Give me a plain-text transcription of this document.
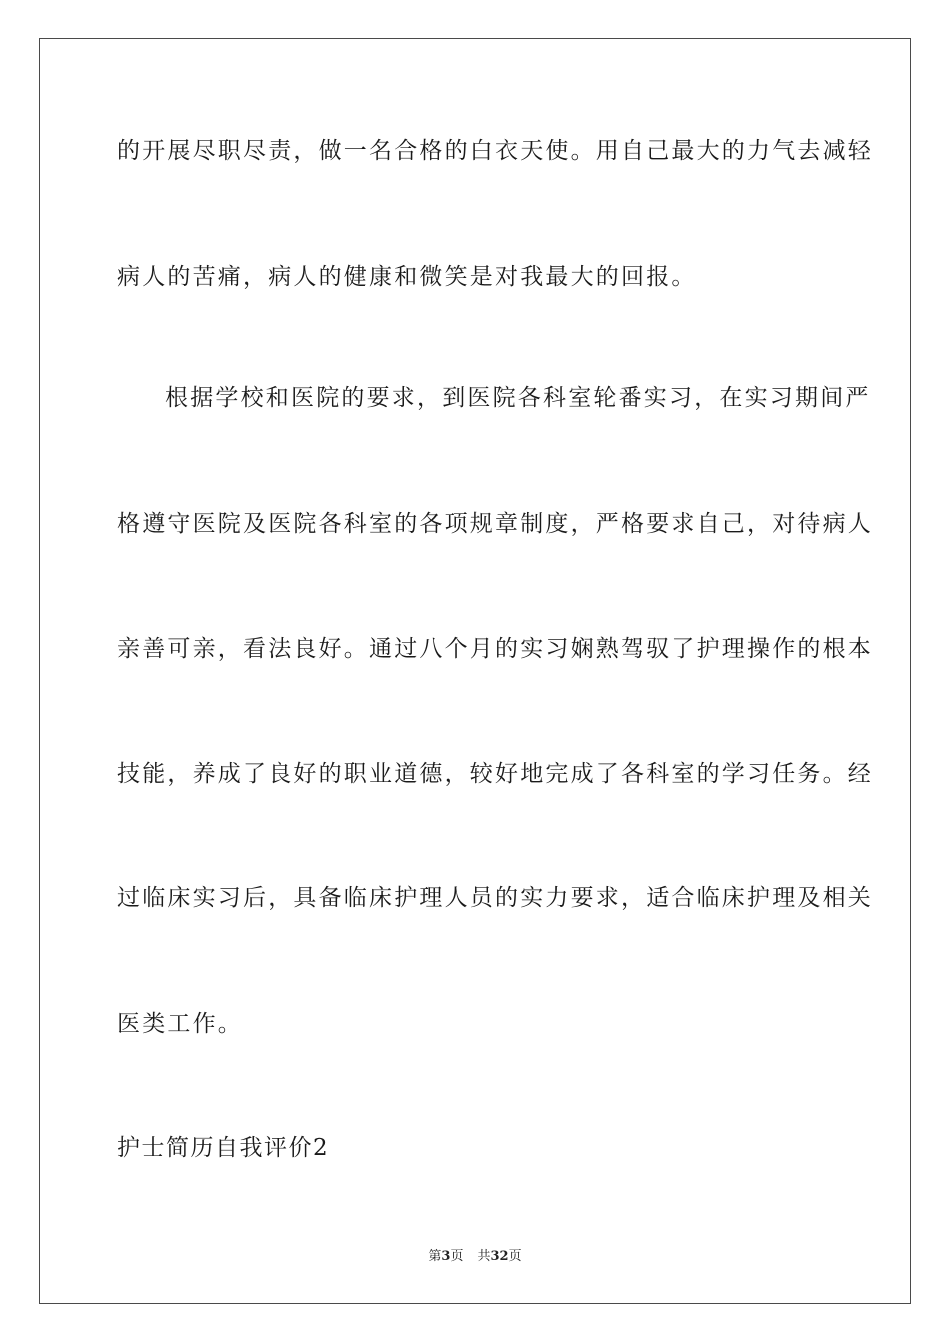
的开展尽职尽责，做一名合格的白衣天使。用自己最大的力气去减轻
病人的苦痛，病人的健康和微笑是对我最大的回报。
根据学校和医院的要求，到医院各科室轮番实习，在实习期间严
格遵守医院及医院各科室的各项规章制度，严格要求自己，对待病人
亲善可亲，看法良好。通过八个月的实习娴熟驾驭了护理操作的根本
技能，养成了良好的职业道德，较好地完成了各科室的学习任务。经
过临床实习后，具备临床护理人员的实力要求，适合临床护理及相关
医类工作。
护士简历自我评价2
第3页 共32页
